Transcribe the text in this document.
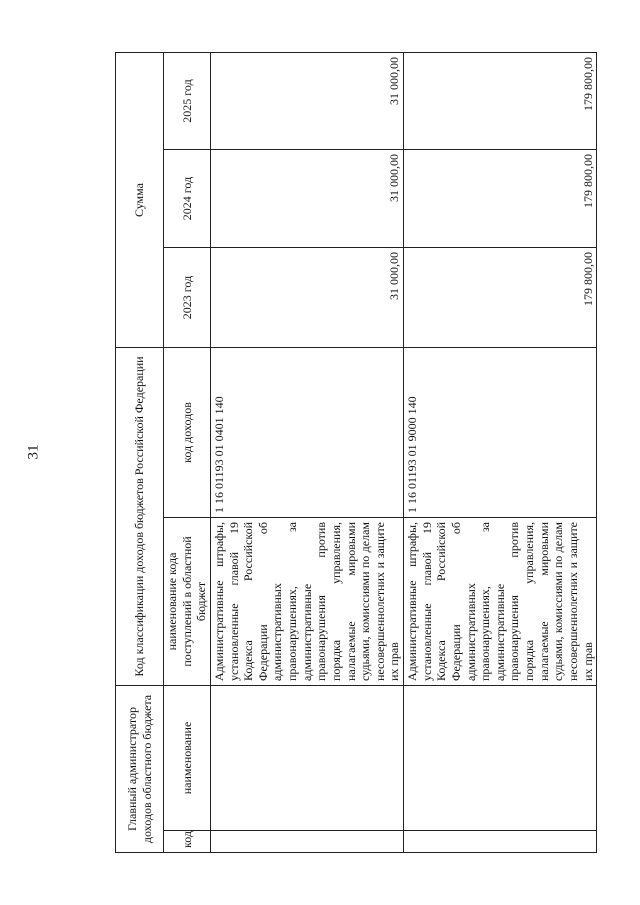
31
Главный администратор доходов областного бюджета		Код классификации доходов бюджетов Российской Федерации		Сумма		
код	наименование	наименование кода поступлений в областной бюджет	код доходов	2023 год	2024 год	2025 год
		Административные штрафы, установленные главой 19 Кодекса Российской Федерации об административных правонарушениях, за административные правонарушения против порядка управления, налагаемые мировыми судьями, комиссиями по делам несовершеннолетних и защите их прав	1 16 01193 01 0401 140	31 000,00	31 000,00	31 000,00
		Административные штрафы, установленные главой 19 Кодекса Российской Федерации об административных правонарушениях, за административные правонарушения против порядка управления, налагаемые мировыми судьями, комиссиями по делам несовершеннолетних и защите их прав	1 16 01193 01 9000 140	179 800,00	179 800,00	179 800,00
